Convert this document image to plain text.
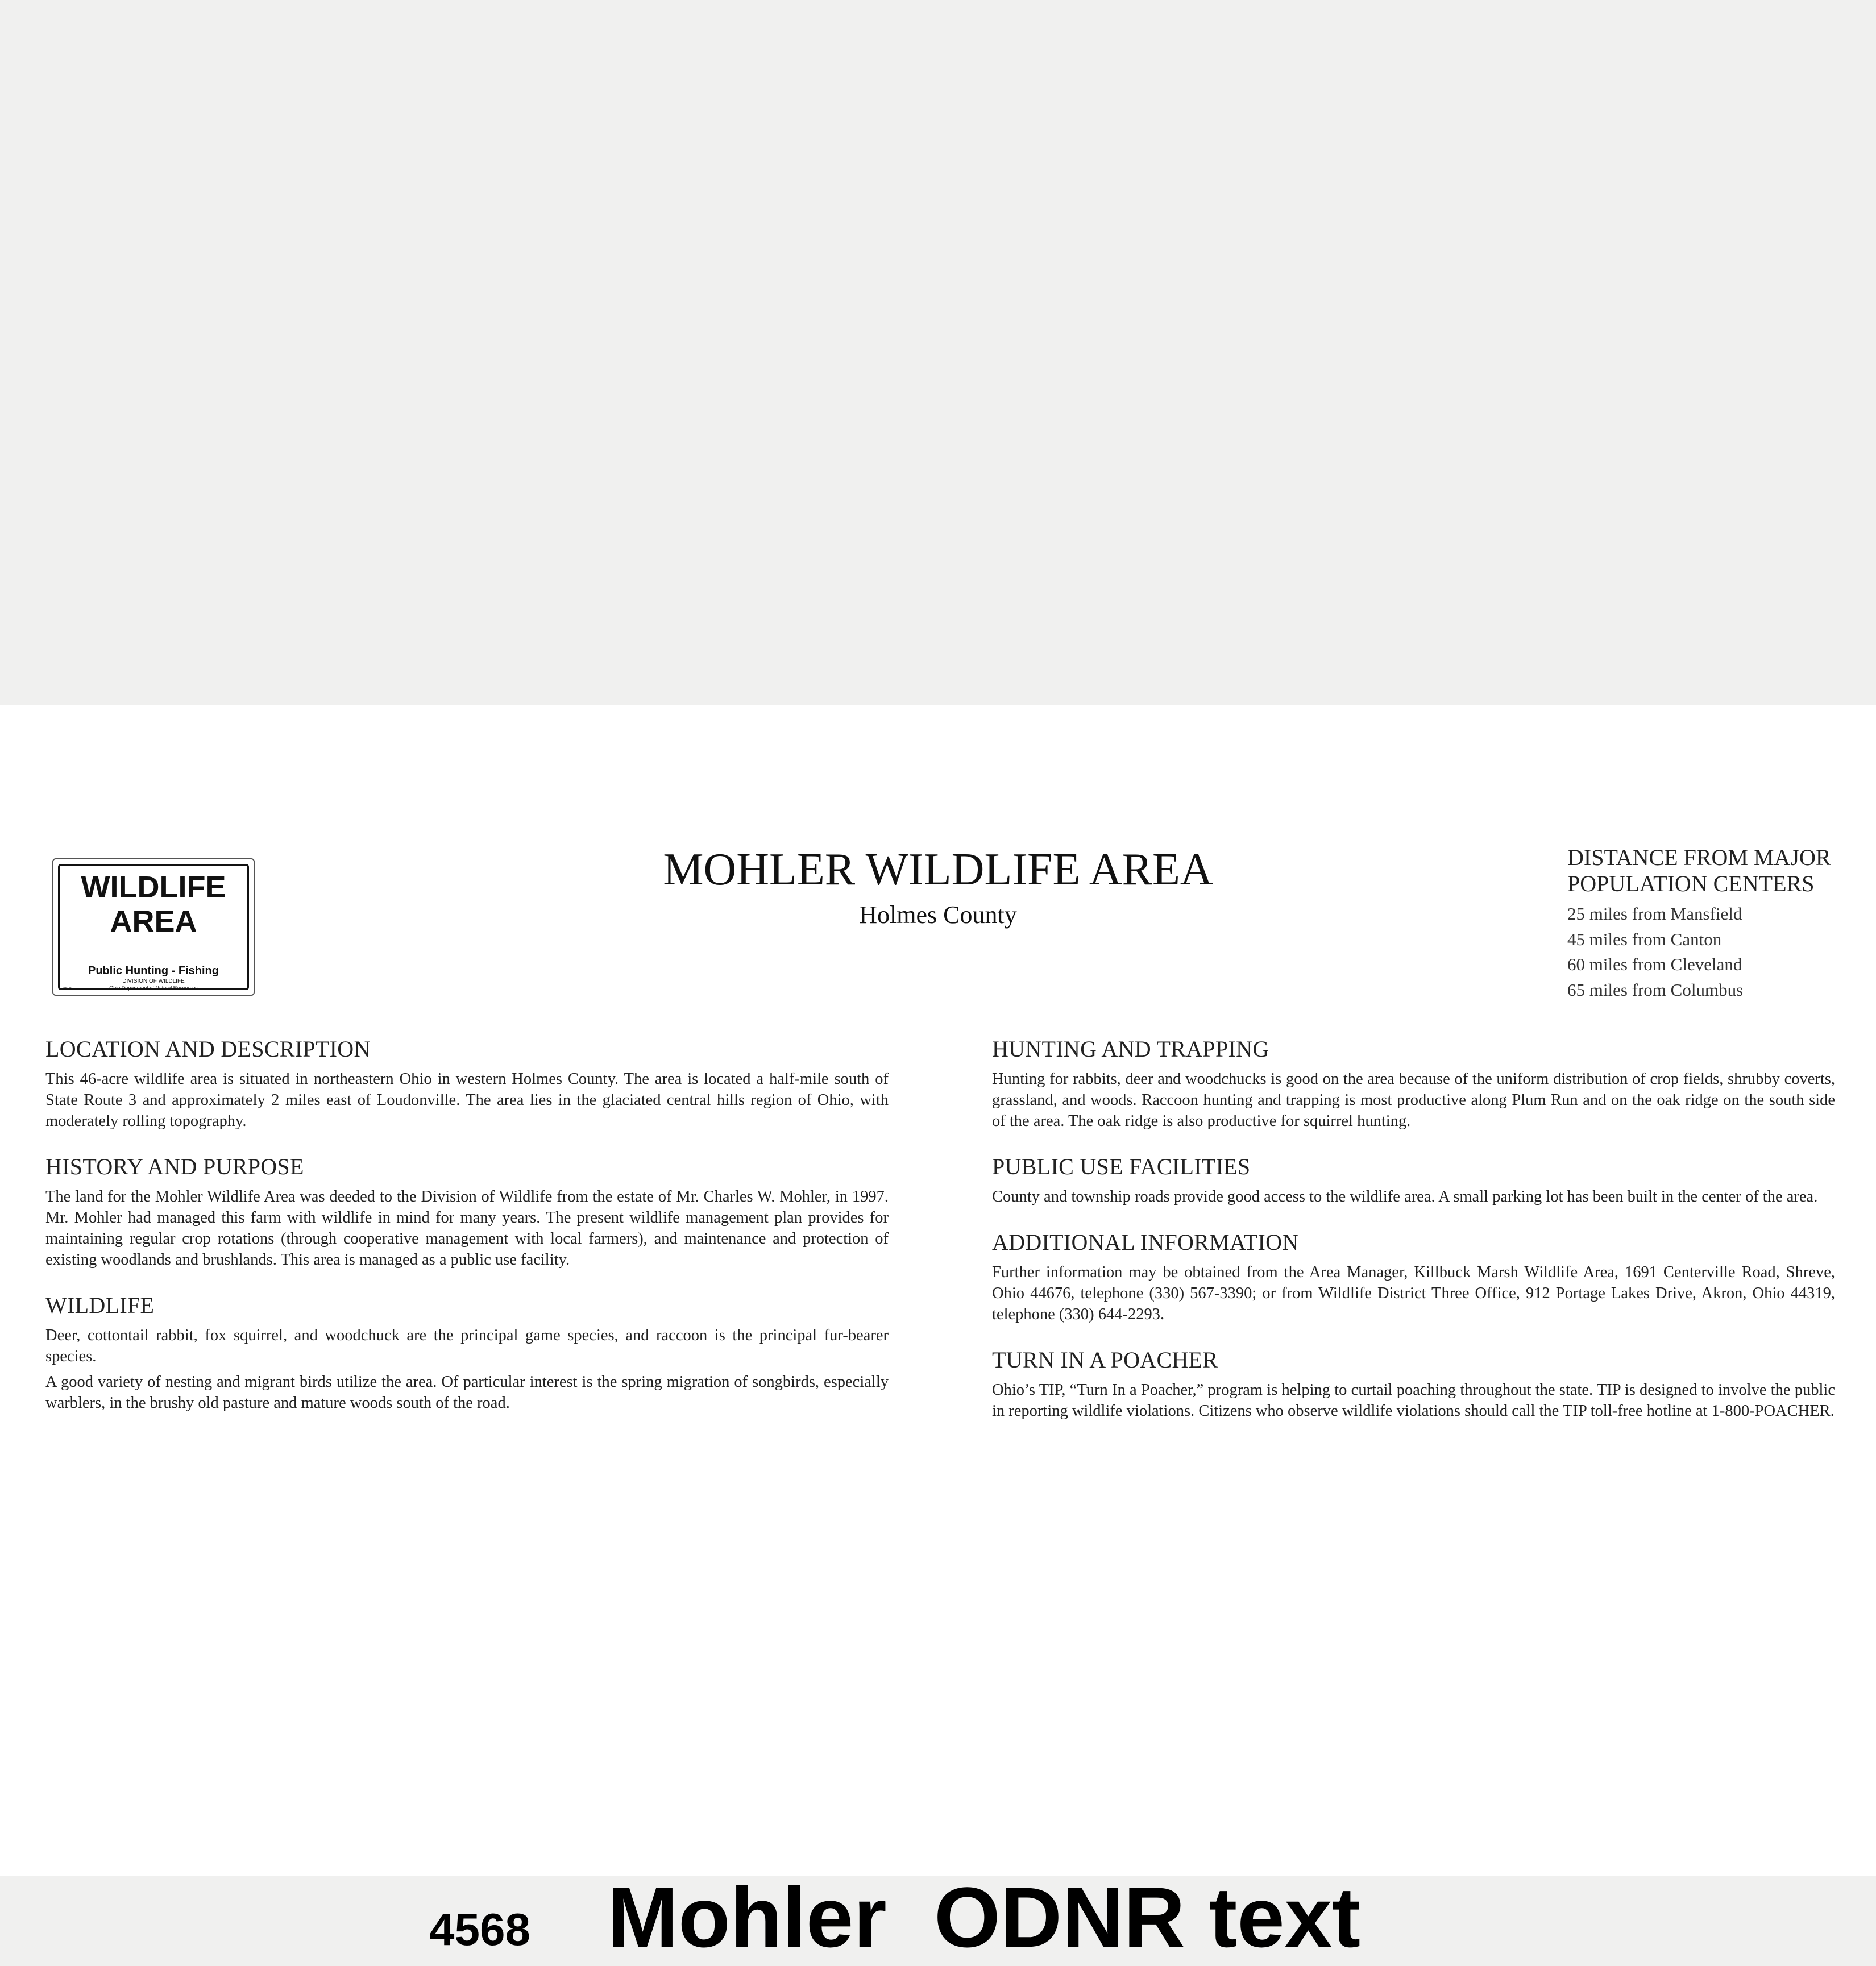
WILDLIFE
AREA
Public Hunting - Fishing
DIVISION OF WILDLIFE
Ohio Department of Natural Resources
ODNR
MOHLER WILDLIFE AREA
Holmes County
DISTANCE FROM MAJOR
POPULATION CENTERS
25 miles from Mansfield
45 miles from Canton
60 miles from Cleveland
65 miles from Columbus
LOCATION AND DESCRIPTION

This 46-acre wildlife area is situated in northeastern Ohio in western Holmes County. The area is located a half-mile south of State Route 3 and approximately 2 miles east of Loudonville. The area lies in the glaciated central hills region of Ohio, with moderately rolling topography.

HISTORY AND PURPOSE

The land for the Mohler Wildlife Area was deeded to the Division of Wildlife from the estate of Mr. Charles W. Mohler, in 1997. Mr. Mohler had managed this farm with wildlife in mind for many years. The present wildlife management plan provides for maintaining regular crop rotations (through cooperative management with local farmers), and maintenance and protection of existing woodlands and brushlands. This area is managed as a public use facility.

WILDLIFE

Deer, cottontail rabbit, fox squirrel, and woodchuck are the principal game species, and raccoon is the principal fur-bearer species.

A good variety of nesting and migrant birds utilize the area. Of particular interest is the spring migration of songbirds, especially warblers, in the brushy old pasture and mature woods south of the road.

HUNTING AND TRAPPING

Hunting for rabbits, deer and woodchucks is good on the area because of the uniform distribution of crop fields, shrubby coverts, grassland, and woods. Raccoon hunting and trapping is most productive along Plum Run and on the oak ridge on the south side of the area. The oak ridge is also productive for squirrel hunting.

PUBLIC USE FACILITIES

County and township roads provide good access to the wildlife area. A small parking lot has been built in the center of the area.

ADDITIONAL INFORMATION

Further information may be obtained from the Area Manager, Killbuck Marsh Wildlife Area, 1691 Centerville Road, Shreve, Ohio 44676, telephone (330) 567-3390; or from Wildlife District Three Office, 912 Portage Lakes Drive, Akron, Ohio 44319, telephone (330) 644-2293.

TURN IN A POACHER

Ohio’s TIP, “Turn In a Poacher,” program is helping to curtail poaching throughout the state. TIP is designed to involve the public in reporting wildlife violations. Citizens who observe wildlife violations should call the TIP toll-free hotline at 1-800-POACHER.

4568 Mohler  ODNR text
